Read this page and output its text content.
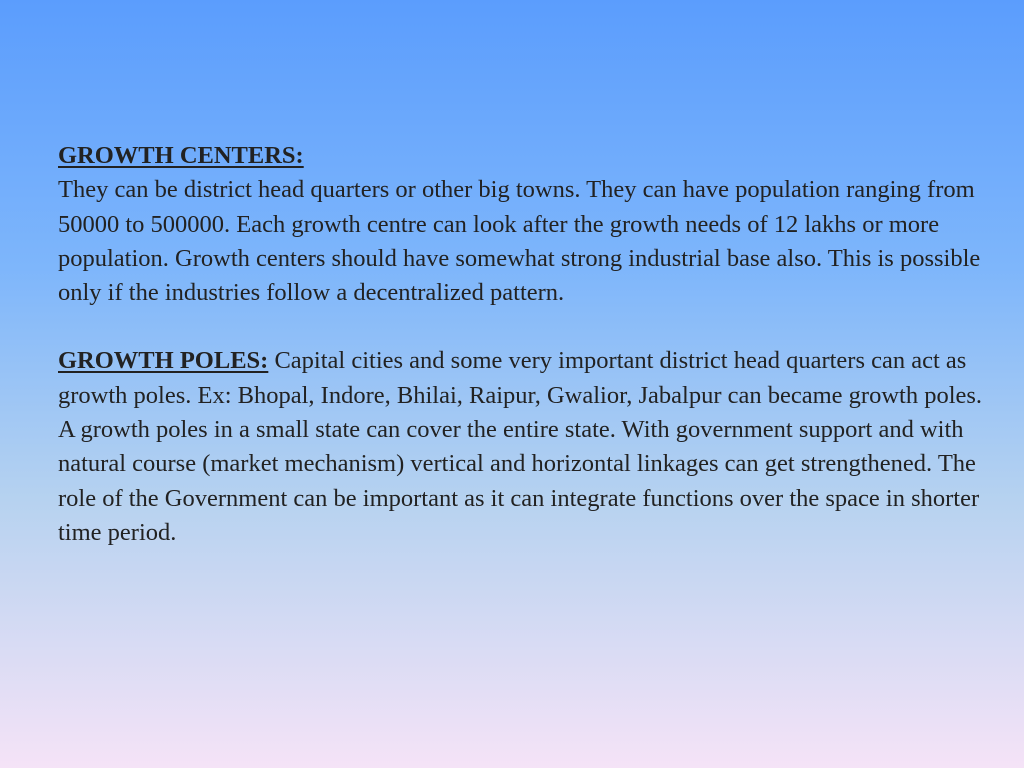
GROWTH CENTERS:
They can be district head quarters or other big towns. They can have population ranging from 50000 to 500000. Each growth centre can look after the growth needs of 12 lakhs or more population. Growth centers should have somewhat strong industrial base also. This is possible only if the industries follow a decentralized pattern.

GROWTH POLES: Capital cities and some very important district head quarters can act as growth poles. Ex: Bhopal, Indore, Bhilai, Raipur, Gwalior, Jabalpur can became growth poles. A growth poles in a small state can cover the entire state. With government support and with natural course (market mechanism) vertical and horizontal linkages can get strengthened. The role of the Government can be important as it can integrate functions over the space in shorter time period.
